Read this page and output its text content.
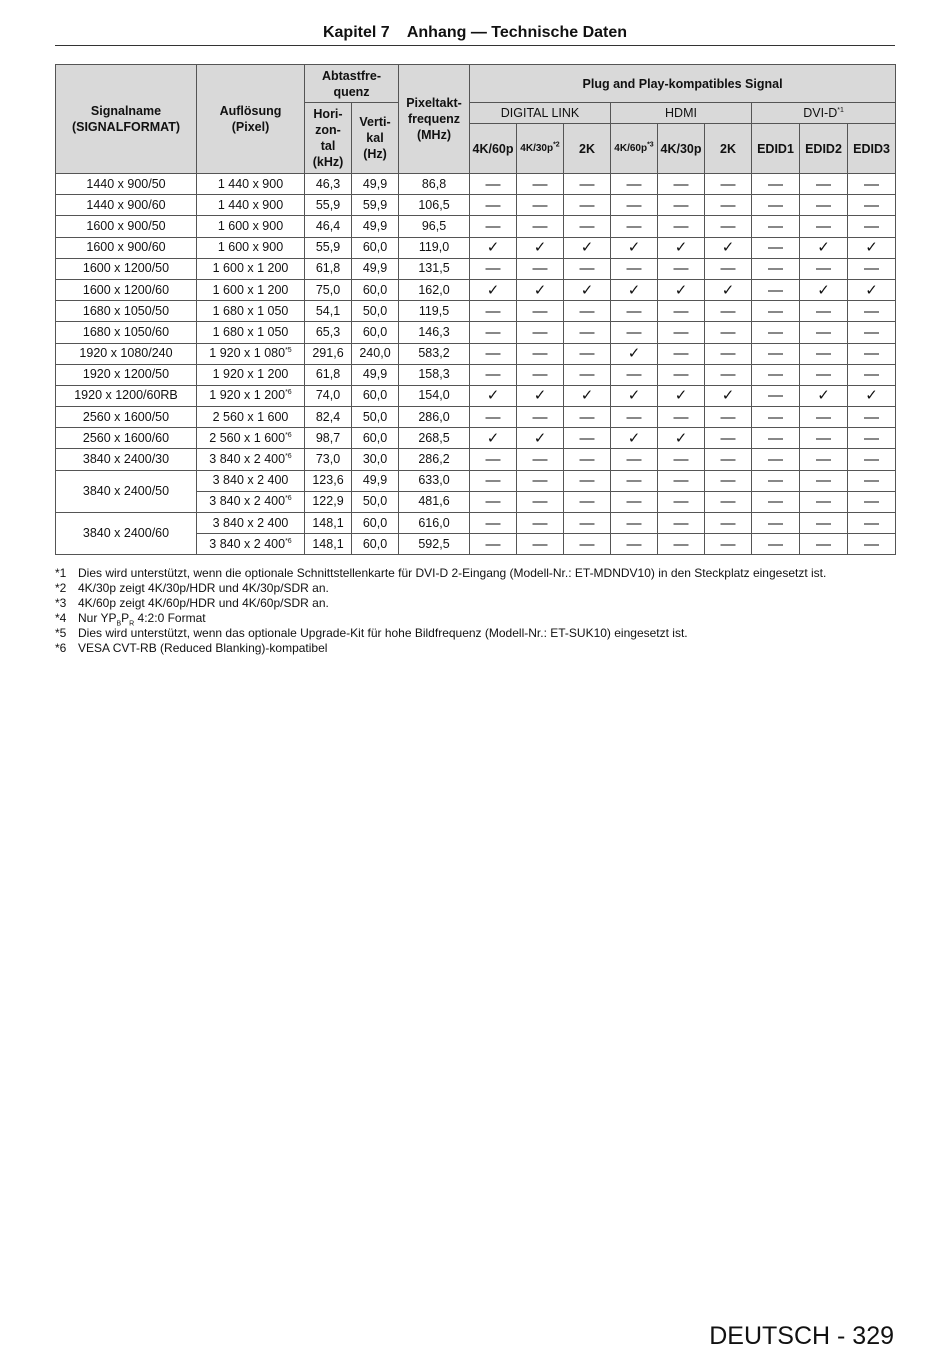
Kapitel 7    Anhang — Technische Daten
Signalname (SIGNALFORMAT)	Auflösung (Pixel)	Abtastfre-quenz		Pixeltakt-frequenz (MHz)	Plug and Play-kompatibles Signal								
		Hori-zon-tal (kHz)	Verti-kal (Hz)		DIGITAL LINK			HDMI			DVI-$D^{*1}$
					4K/60p	$4K/30p^{*2}$	2K	$4K/60p^{*3}$	4K/30p	2K	EDID1	EDID2	EDID3
1440 x 900/50	1 440 x 900	46,3	49,9	86,8	—	—	—	—	—	—	—	—	—
1440 x 900/60	1 440 x 900	55,9	59,9	106,5	—	—	—	—	—	—	—	—	—
1600 x 900/50	1 600 x 900	46,4	49,9	96,5	—	—	—	—	—	—	—	—	—
1600 x 900/60	1 600 x 900	55,9	60,0	119,0	✓	✓	✓	✓	✓	✓	—	✓	✓
1600 x 1200/50	1 600 x 1 200	61,8	49,9	131,5	—	—	—	—	—	—	—	—	—
1600 x 1200/60	1 600 x 1 200	75,0	60,0	162,0	✓	✓	✓	✓	✓	✓	—	✓	✓
1680 x 1050/50	1 680 x 1 050	54,1	50,0	119,5	—	—	—	—	—	—	—	—	—
1680 x 1050/60	1 680 x 1 050	65,3	60,0	146,3	—	—	—	—	—	—	—	—	—
1920 x 1080/240	1 920 x 1 080$^{*5}$	291,6	240,0	583,2	—	—	—	✓	—	—	—	—	—
1920 x 1200/50	1 920 x 1 200	61,8	49,9	158,3	—	—	—	—	—	—	—	—	—
1920 x 1200/60RB	1 920 x 1 200$^{*6}$	74,0	60,0	154,0	✓	✓	✓	✓	✓	✓	—	✓	✓
2560 x 1600/50	2 560 x 1 600	82,4	50,0	286,0	—	—	—	—	—	—	—	—	—
2560 x 1600/60	2 560 x 1 600$^{*6}$	98,7	60,0	268,5	✓	✓	—	✓	✓	—	—	—	—
3840 x 2400/30	3 840 x 2 400$^{*6}$	73,0	30,0	286,2	—	—	—	—	—	—	—	—	—
3840 x 2400/50	3 840 x 2 400	123,6	49,9	633,0	—	—	—	—	—	—	—	—	—
	3 840 x 2 400$^{*6}$	122,9	50,0	481,6	—	—	—	—	—	—	—	—	—
3840 x 2400/60	3 840 x 2 400	148,1	60,0	616,0	—	—	—	—	—	—	—	—	—
	3 840 x 2 400$^{*6}$	148,1	60,0	592,5	—	—	—	—	—	—	—	—	—
*1 Dies wird unterstützt, wenn die optionale Schnittstellenkarte für DVI-D 2-Eingang (Modell-Nr.: ET-MDNDV10) in den Steckplatz eingesetzt ist.
*2 4K/30p zeigt 4K/30p/HDR und 4K/30p/SDR an.
*3 4K/60p zeigt 4K/60p/HDR und 4K/60p/SDR an.
*4 Nur $YP_BP_R$ 4:2:0 Format
*5 Dies wird unterstützt, wenn das optionale Upgrade-Kit für hohe Bildfrequenz (Modell-Nr.: ET-SUK10) eingesetzt ist.
*6 VESA CVT-RB (Reduced Blanking)-kompatibel
DEUTSCH - 329
